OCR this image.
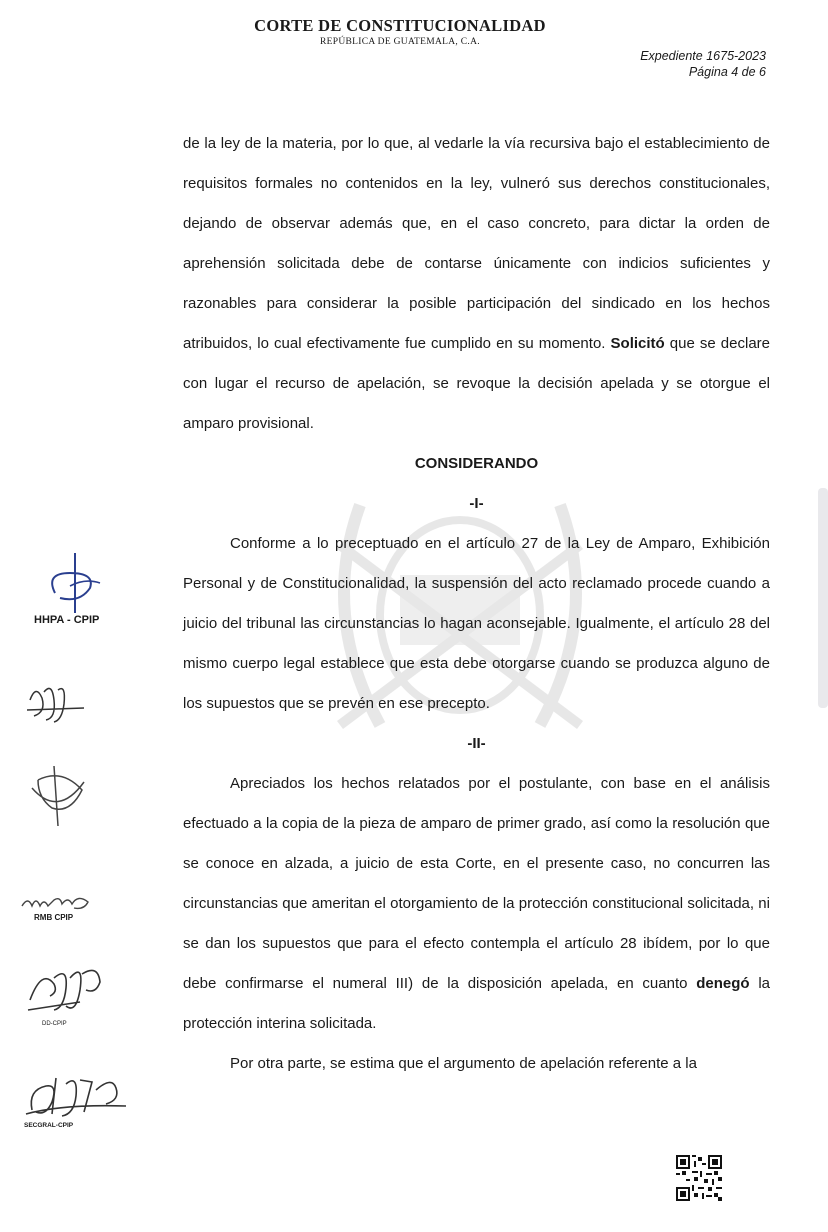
CORTE DE CONSTITUCIONALIDAD
REPÚBLICA DE GUATEMALA, C.A.
Expediente 1675-2023
Página 4 de 6

de la ley de la materia, por lo que, al vedarle la vía recursiva bajo el establecimiento de requisitos formales no contenidos en la ley, vulneró sus derechos constitucionales, dejando de observar además que, en el caso concreto, para dictar la orden de aprehensión solicitada debe de contarse únicamente con indicios suficientes y razonables para considerar la posible participación del sindicado en los hechos atribuidos, lo cual efectivamente fue cumplido en su momento. Solicitó que se declare con lugar el recurso de apelación, se revoque la decisión apelada y se otorgue el amparo provisional.

CONSIDERANDO

-I-

Conforme a lo preceptuado en el artículo 27 de la Ley de Amparo, Exhibición Personal y de Constitucionalidad, la suspensión del acto reclamado procede cuando a juicio del tribunal las circunstancias lo hagan aconsejable. Igualmente, el artículo 28 del mismo cuerpo legal establece que esta debe otorgarse cuando se produzca alguno de los supuestos que se prevén en ese precepto.

-II-

Apreciados los hechos relatados por el postulante, con base en el análisis efectuado a la copia de la pieza de amparo de primer grado, así como la resolución que se conoce en alzada, a juicio de esta Corte, en el presente caso, no concurren las circunstancias que ameritan el otorgamiento de la protección constitucional solicitada, ni se dan los supuestos que para el efecto contempla el artículo 28 ibídem, por lo que debe confirmarse el numeral III) de la disposición apelada, en cuanto denegó la protección interina solicitada.

Por otra parte, se estima que el argumento de apelación referente a la

HHPA - CPIP
RMB CPIP
DD-CPIP
SECGRAL-CPIP
